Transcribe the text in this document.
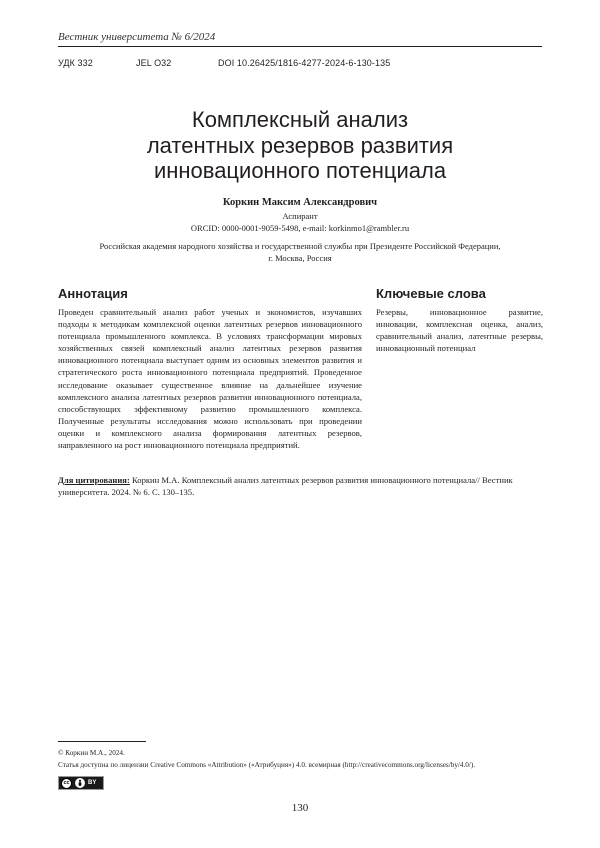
Вестник университета № 6/2024
УДК 332	JEL O32	DOI 10.26425/1816-4277-2024-6-130-135
Комплексный анализ
латентных резервов развития
инновационного потенциала
Коркин Максим Александрович
Аспирант
ORCID: 0000-0001-9059-5498, e-mail: korkinmo1@rambler.ru
Российская академия народного хозяйства и государственной службы при Президенте Российской Федерации,
г. Москва, Россия
Аннотация
Проведен сравнительный анализ работ ученых и экономистов, изучавших подходы к методикам комплексной оценки латентных резервов инновационного потенциала промышленного комплекса. В условиях трансформации мировых хозяйственных связей комплексный анализ латентных резервов развития инновационного потенциала выступает одним из основных элементов развития и стратегического роста инновационного потенциала предприятий. Проведенное исследование оказывает существенное влияние на дальнейшее изучение комплексного анализа латентных резервов развития инновационного потенциала, способствующих эффективному развитию промышленного комплекса. Полученные результаты исследования можно использовать при проведении оценки и комплексного анализа формирования латентных резервов, направленного на рост инновационного потенциала предприятий.
Ключевые слова
Резервы, инновационное развитие, инновации, комплексная оценка, анализ, сравнительный анализ, латентные резервы, инновационный потенциал
Для цитирования: Коркин М.А. Комплексный анализ латентных резервов развития инновационного потенциала// Вестник университета. 2024. № 6. С. 130–135.
© Коркин М.А., 2024.
Статья доступна по лицензии Creative Commons «Attribution» («Атрибуция») 4.0. всемирная (http://creativecommons.org/licenses/by/4.0/).
cc	BY
130
